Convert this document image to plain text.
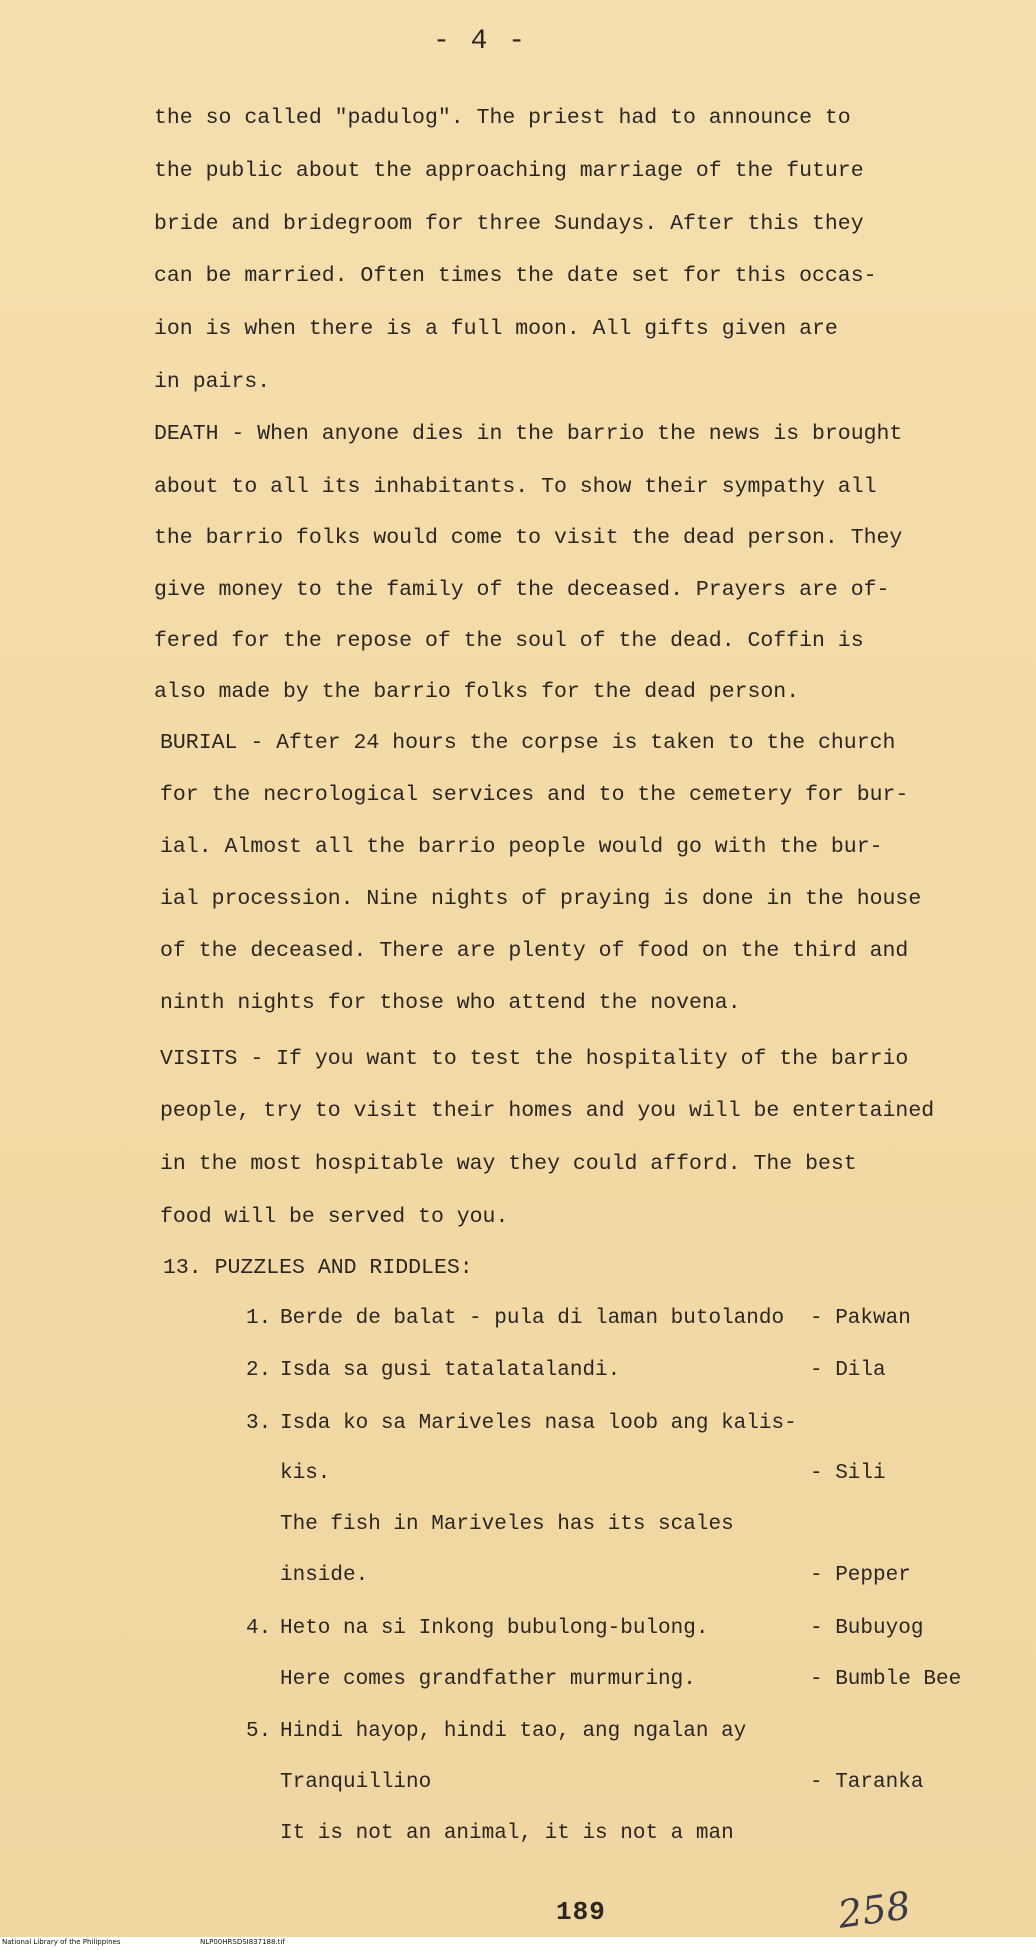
- 4 -
the so called "padulog". The priest had to announce to
the public about the approaching marriage of the future
bride and bridegroom for three Sundays. After this they
can be married. Often times the date set for this occas-
ion is when there is a full moon. All gifts given are
in pairs.
DEATH - When anyone dies in the barrio the news is brought
about to all its inhabitants. To show their sympathy all
the barrio folks would come to visit the dead person. They
give money to the family of the deceased. Prayers are of-
fered for the repose of the soul of the dead. Coffin is
also made by the barrio folks for the dead person.
BURIAL - After 24 hours the corpse is taken to the church
for the necrological services and to the cemetery for bur-
ial. Almost all the barrio people would go with the bur-
ial procession. Nine nights of praying is done in the house
of the deceased. There are plenty of food on the third and
ninth nights for those who attend the novena.
VISITS - If you want to test the hospitality of the barrio
people, try to visit their homes and you will be entertained
in the most hospitable way they could afford. The best
food will be served to you.
13. PUZZLES AND RIDDLES:
1. Berde de balat - pula di laman butolando - Pakwan
2. Isda sa gusi tatalatalandi.	- Dila
3. Isda ko sa Mariveles nasa loob ang kalis-
kis.	- Sili
The fish in Mariveles has its scales
inside.	- Pepper
4. Heto na si Inkong bubulong-bulong.	- Bubuyog
Here comes grandfather murmuring.	- Bumble Bee
5. Hindi hayop, hindi tao, ang ngalan ay
Tranquillino	- Taranka
It is not an animal, it is not a man
189	258
National Library of the Philippines	NLP00HRSDSI837188.tif
